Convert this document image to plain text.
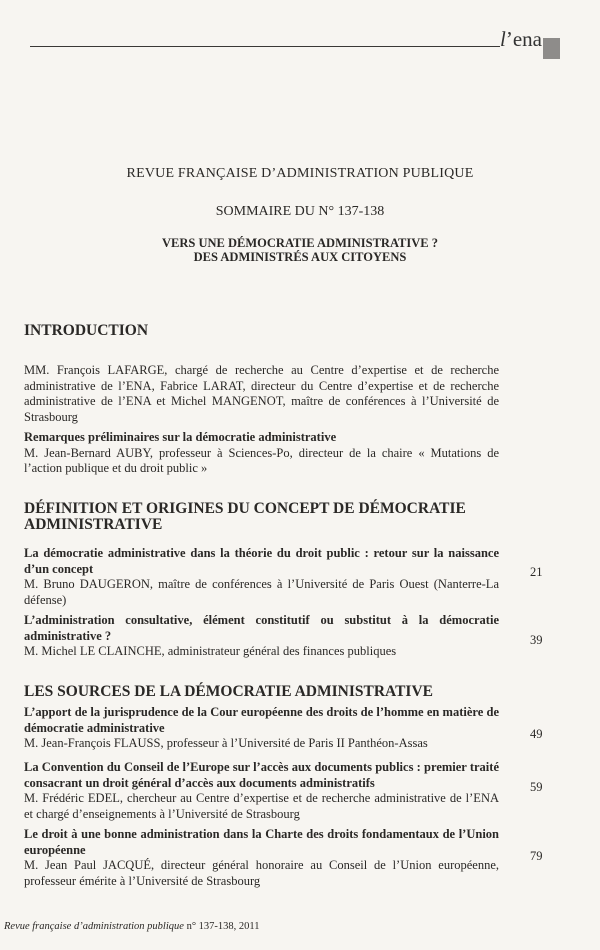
l’ena
REVUE FRANÇAISE D’ADMINISTRATION PUBLIQUE
SOMMAIRE DU N° 137-138
VERS UNE DÉMOCRATIE ADMINISTRATIVE ?
DES ADMINISTRÉS AUX CITOYENS
INTRODUCTION
MM. François LAFARGE, chargé de recherche au Centre d’expertise et de recherche administrative de l’ENA, Fabrice LARAT, directeur du Centre d’expertise et de recherche administrative de l’ENA et Michel MANGENOT, maître de conférences à l’Université de Strasbourg
Remarques préliminaires sur la démocratie administrative
M. Jean-Bernard AUBY, professeur à Sciences-Po, directeur de la chaire « Mutations de l’action publique et du droit public »
DÉFINITION ET ORIGINES DU CONCEPT DE DÉMOCRATIE
ADMINISTRATIVE
La démocratie administrative dans la théorie du droit public : retour sur la naissance d’un concept
M. Bruno DAUGERON, maître de conférences à l’Université de Paris Ouest (Nanterre-La défense)
21
L’administration consultative, élément constitutif ou substitut à la démocratie administrative ?
M. Michel LE CLAINCHE, administrateur général des finances publiques
39
LES SOURCES DE LA DÉMOCRATIE ADMINISTRATIVE
L’apport de la jurisprudence de la Cour européenne des droits de l’homme en matière de démocratie administrative
M. Jean-François FLAUSS, professeur à l’Université de Paris II Panthéon-Assas
49
La Convention du Conseil de l’Europe sur l’accès aux documents publics : premier traité consacrant un droit général d’accès aux documents administratifs
M. Frédéric EDEL, chercheur au Centre d’expertise et de recherche administrative de l’ENA et chargé d’enseignements à l’Université de Strasbourg
59
Le droit à une bonne administration dans la Charte des droits fondamentaux de l’Union européenne
M. Jean Paul JACQUÉ, directeur général honoraire au Conseil de l’Union européenne, professeur émérite à l’Université de Strasbourg
79
Revue française d’administration publique n° 137-138, 2011
